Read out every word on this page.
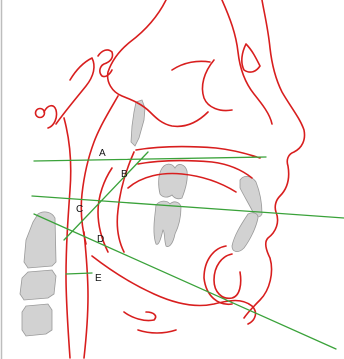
A
B
C
D
E
